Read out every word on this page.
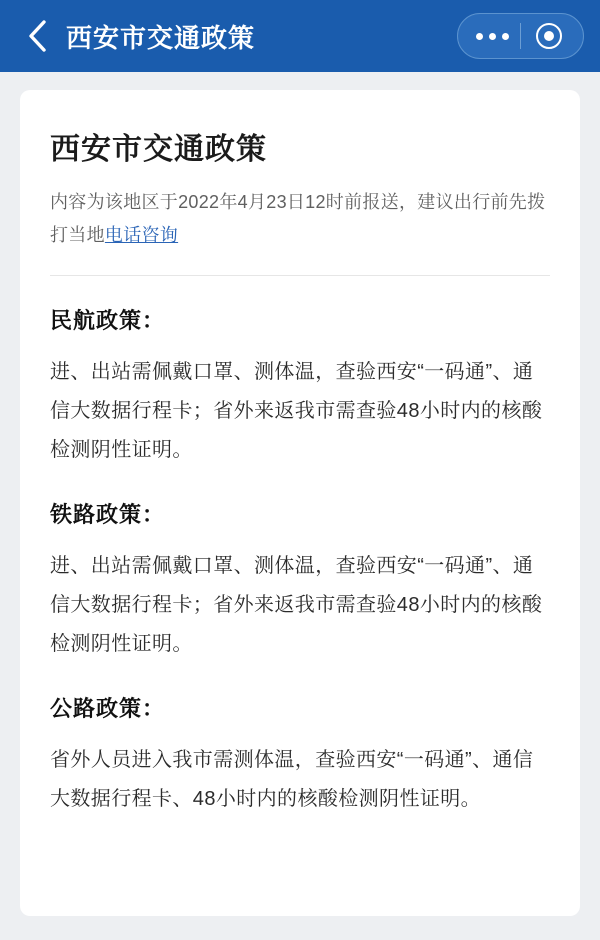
西安市交通政策
西安市交通政策
内容为该地区于2022年4月23日12时前报送，建议出行前先拨打当地电话咨询
民航政策：
进、出站需佩戴口罩、测体温，查验西安“一码通”、通信大数据行程卡；省外来返我市需查验48小时内的核酸检测阴性证明。
铁路政策：
进、出站需佩戴口罩、测体温，查验西安“一码通”、通信大数据行程卡；省外来返我市需查验48小时内的核酸检测阴性证明。
公路政策：
省外人员进入我市需测体温，查验西安“一码通”、通信大数据行程卡、48小时内的核酸检测阴性证明。
